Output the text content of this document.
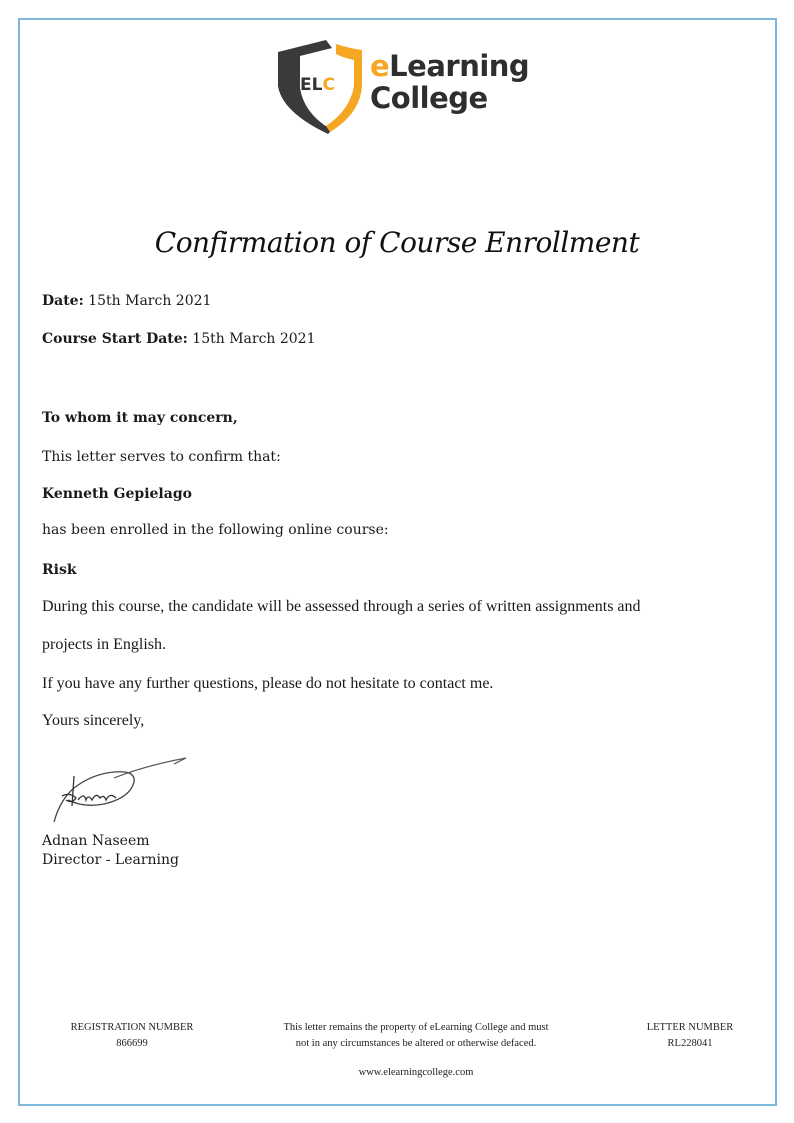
ELC
eLearning
College
Confirmation of Course Enrollment
Date: 15th March 2021
Course Start Date: 15th March 2021
To whom it may concern,
This letter serves to confirm that:
Kenneth Gepielago
has been enrolled in the following online course:
Risk
During this course, the candidate will be assessed through a series of written assignments and
projects in English.
If you have any further questions, please do not hesitate to contact me.
Yours sincerely,
Adnan Naseem
Director - Learning
REGISTRATION NUMBER
866699
This letter remains the property of eLearning College and must
not in any circumstances be altered or otherwise defaced.
LETTER NUMBER
RL228041
www.elearningcollege.com
